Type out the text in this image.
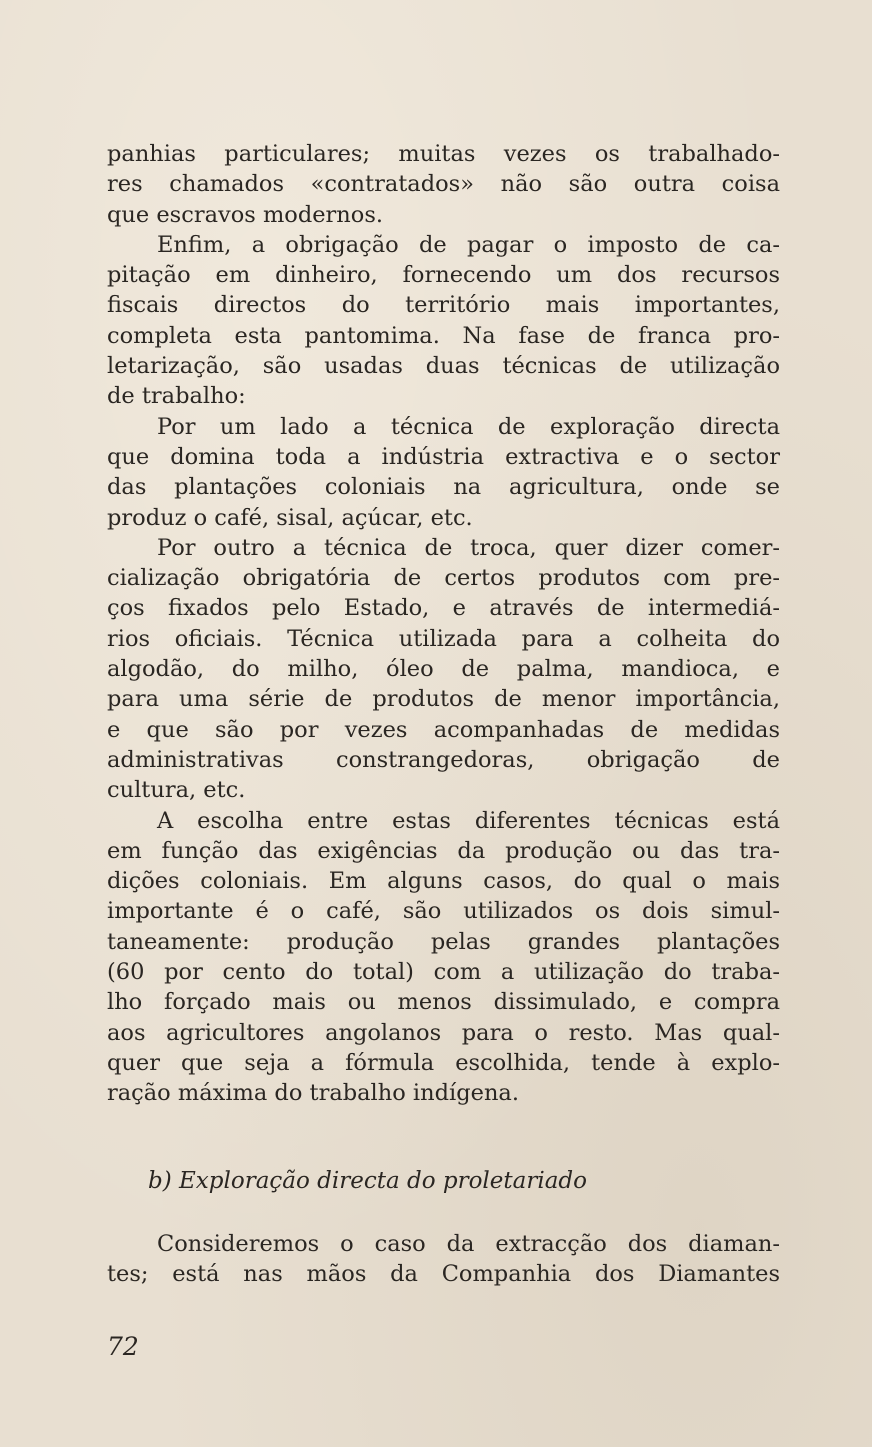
panhias particulares; muitas vezes os trabalhado-
res chamados «contratados» não são outra coisa
que escravos modernos.
Enfim, a obrigação de pagar o imposto de ca-
pitação em dinheiro, fornecendo um dos recursos
fiscais directos do território mais importantes,
completa esta pantomima. Na fase de franca pro-
letarização, são usadas duas técnicas de utilização
de trabalho:
Por um lado a técnica de exploração directa
que domina toda a indústria extractiva e o sector
das plantações coloniais na agricultura, onde se
produz o café, sisal, açúcar, etc.
Por outro a técnica de troca, quer dizer comer-
cialização obrigatória de certos produtos com pre-
ços fixados pelo Estado, e através de intermediá-
rios oficiais. Técnica utilizada para a colheita do
algodão, do milho, óleo de palma, mandioca, e
para uma série de produtos de menor importância,
e que são por vezes acompanhadas de medidas
administrativas constrangedoras, obrigação de
cultura, etc.
A escolha entre estas diferentes técnicas está
em função das exigências da produção ou das tra-
dições coloniais. Em alguns casos, do qual o mais
importante é o café, são utilizados os dois simul-
taneamente: produção pelas grandes plantações
(60 por cento do total) com a utilização do traba-
lho forçado mais ou menos dissimulado, e compra
aos agricultores angolanos para o resto. Mas qual-
quer que seja a fórmula escolhida, tende à explo-
ração máxima do trabalho indígena.
b) Exploração directa do proletariado
Consideremos o caso da extracção dos diaman-
tes; está nas mãos da Companhia dos Diamantes
72
